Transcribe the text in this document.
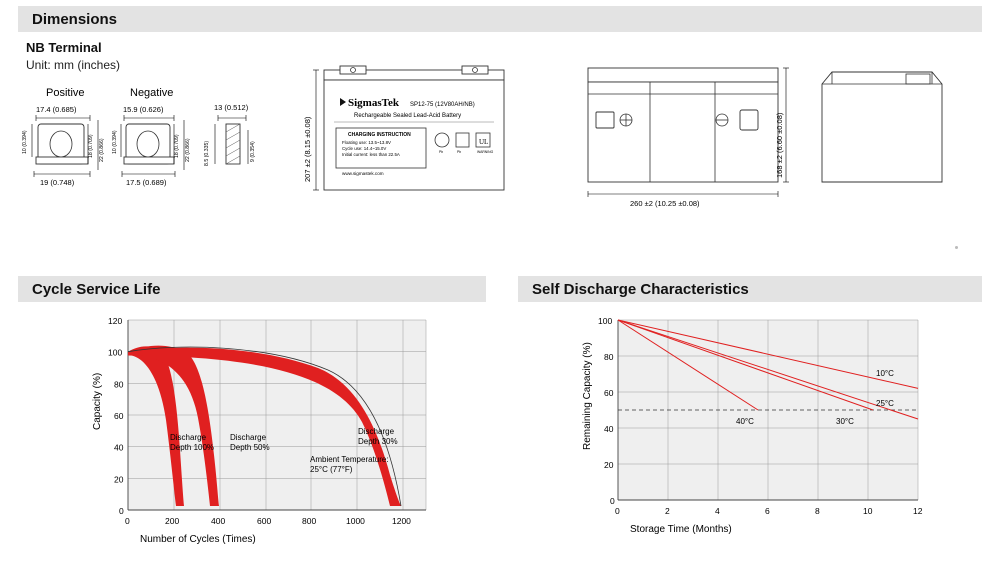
Dimensions
NB Terminal
Unit: mm (inches)
Positive	Negative
17.4 (0.685)
10 (0.394)	18 (0.709) 22 (0.866)
19 (0.748)
15.9 (0.626)
10 (0.394)	18 (0.709) 22 (0.866)
17.5 (0.689)
13 (0.512)
8.5 (0.335)	9 (0.354)	207 ±2 (8.15 ±0.08)
SigmasTek SP12-75 (12V80AH/NB)
Rechargeable Sealed Lead-Acid Battery
CHARGING INSTRUCTION
Floating use: 13.5~13.8V
Cycle use: 14.4~15.0V
Initial current: less than 22.5A
www.sigmastek.com
Pb	Pb	WARNING
UL
260 ±2 (10.25 ±0.08)
168 ±2 (6.60 ±0.08)
Cycle Service Life
120
100
80
60
40
20
0
0	200	400	600	800	1000	1200
Number of Cycles (Times)
Capacity (%)
Discharge
Depth 100%
Discharge
Depth 50%
Discharge
Depth 30%
Ambient Temperature:
25°C (77°F)
Self Discharge Characteristics
100
80
60
40
20
0
0	2	4	6	8	10	12
Storage Time (Months)
Remaining Capacity (%)	10°C
25°C
30°C
40°C
